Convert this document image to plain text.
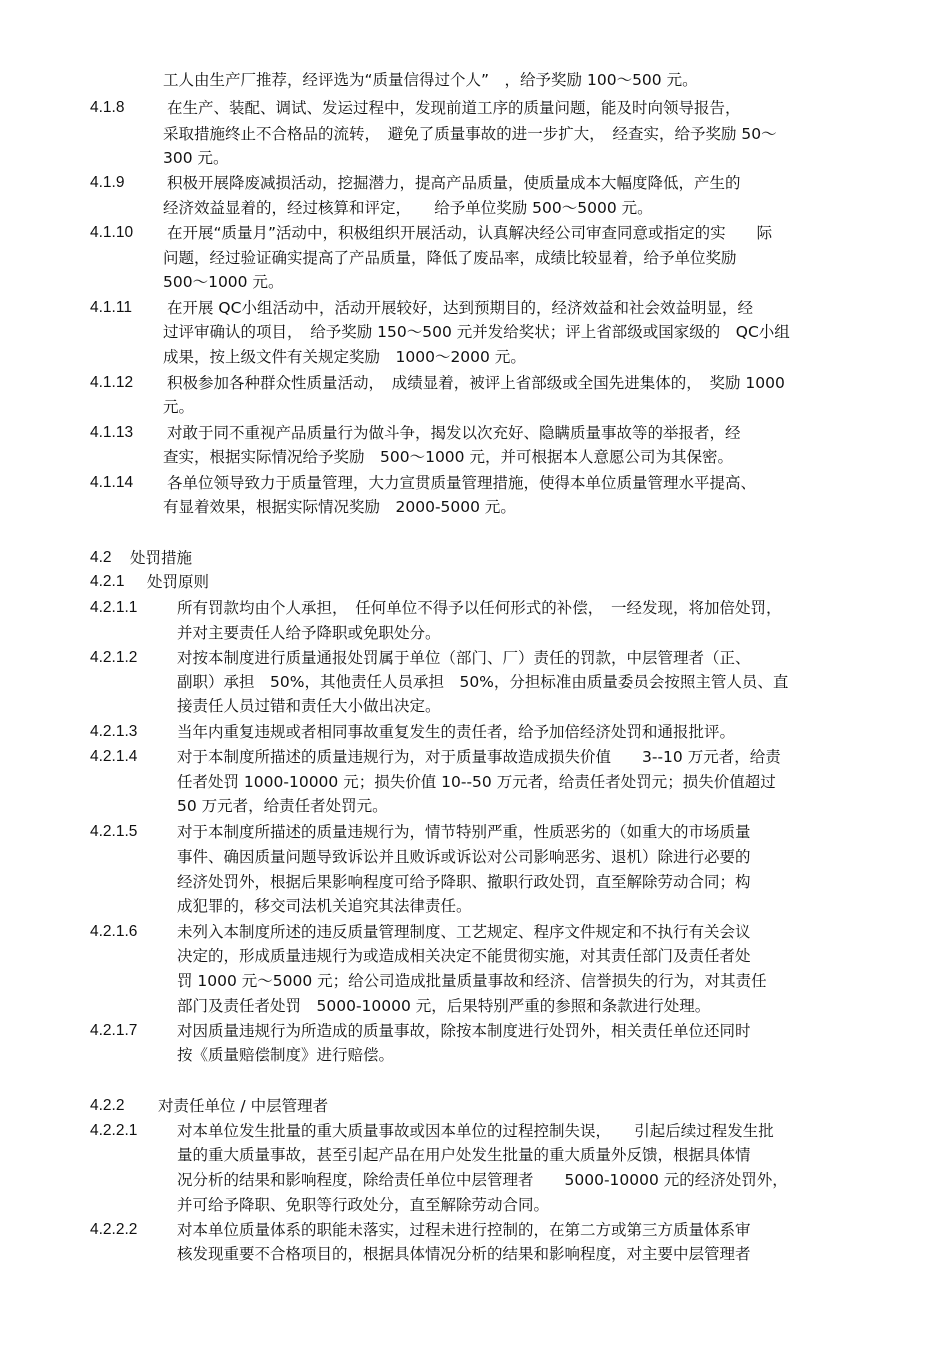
工人由生产厂推荐，经评选为“质量信得过个人”　，给予奖励 100～500 元。
4.1.8	在生产、装配、调试、发运过程中，发现前道工序的质量问题，能及时向领导报告，
采取措施终止不合格品的流转，　避免了质量事故的进一步扩大，　经查实，给予奖励 50～
300 元。
4.1.9	积极开展降废减损活动，挖掘潜力，提高产品质量，使质量成本大幅度降低，产生的
经济效益显着的，经过核算和评定，　　给予单位奖励 500～5000 元。
4.1.10 在开展“质量月”活动中，积极组织开展活动，认真解决经公司审查同意或指定的实　　际
问题，经过验证确实提高了产品质量，降低了废品率，成绩比较显着，给予单位奖励
500～1000 元。
4.1.11 在开展 QC小组活动中，活动开展较好，达到预期目的，经济效益和社会效益明显，经
过评审确认的项目，　给予奖励 150～500 元并发给奖状；评上省部级或国家级的　QC小组
成果，按上级文件有关规定奖励　1000～2000 元。
4.1.12 积极参加各种群众性质量活动，　成绩显着，被评上省部级或全国先进集体的，　奖励 1000
元。
4.1.13 对敢于同不重视产品质量行为做斗争，揭发以次充好、隐瞒质量事故等的举报者，经
查实，根据实际情况给予奖励　500～1000 元，并可根据本人意愿公司为其保密。
4.1.14 各单位领导致力于质量管理，大力宣贯质量管理措施，使得本单位质量管理水平提高、
有显着效果，根据实际情况奖励　2000-5000 元。
4.2 处罚措施
4.2.1 处罚原则
4.2.1.1	所有罚款均由个人承担，　任何单位不得予以任何形式的补偿，　一经发现，将加倍处罚，
并对主要责任人给予降职或免职处分。
4.2.1.2	对按本制度进行质量通报处罚属于单位（部门、厂）责任的罚款，中层管理者（正、
副职）承担　50%，其他责任人员承担　50%，分担标准由质量委员会按照主管人员、直
接责任人员过错和责任大小做出决定。
4.2.1.3	当年内重复违规或者相同事故重复发生的责任者，给予加倍经济处罚和通报批评。
4.2.1.4	对于本制度所描述的质量违规行为，对于质量事故造成损失价值　　3--10 万元者，给责
任者处罚 1000-10000 元；损失价值 10--50 万元者，给责任者处罚元；损失价值超过
50 万元者，给责任者处罚元。
4.2.1.5	对于本制度所描述的质量违规行为，情节特别严重，性质恶劣的（如重大的市场质量
事件、确因质量问题导致诉讼并且败诉或诉讼对公司影响恶劣、退机）除进行必要的
经济处罚外，根据后果影响程度可给予降职、撤职行政处罚，直至解除劳动合同；构
成犯罪的，移交司法机关追究其法律责任。
4.2.1.6	未列入本制度所述的违反质量管理制度、工艺规定、程序文件规定和不执行有关会议
决定的，形成质量违规行为或造成相关决定不能贯彻实施，对其责任部门及责任者处
罚 1000 元～5000 元；给公司造成批量质量事故和经济、信誉损失的行为，对其责任
部门及责任者处罚　5000-10000 元，后果特别严重的参照和条款进行处理。
4.2.1.7	对因质量违规行为所造成的质量事故，除按本制度进行处罚外，相关责任单位还同时
按《质量赔偿制度》进行赔偿。
4.2.2 对责任单位 / 中层管理者
4.2.2.1	对本单位发生批量的重大质量事故或因本单位的过程控制失误，　　引起后续过程发生批
量的重大质量事故，甚至引起产品在用户处发生批量的重大质量外反馈，根据具体情
况分析的结果和影响程度，除给责任单位中层管理者　　5000-10000 元的经济处罚外，
并可给予降职、免职等行政处分，直至解除劳动合同。
4.2.2.2	对本单位质量体系的职能未落实，过程未进行控制的，在第二方或第三方质量体系审
核发现重要不合格项目的，根据具体情况分析的结果和影响程度，对主要中层管理者
